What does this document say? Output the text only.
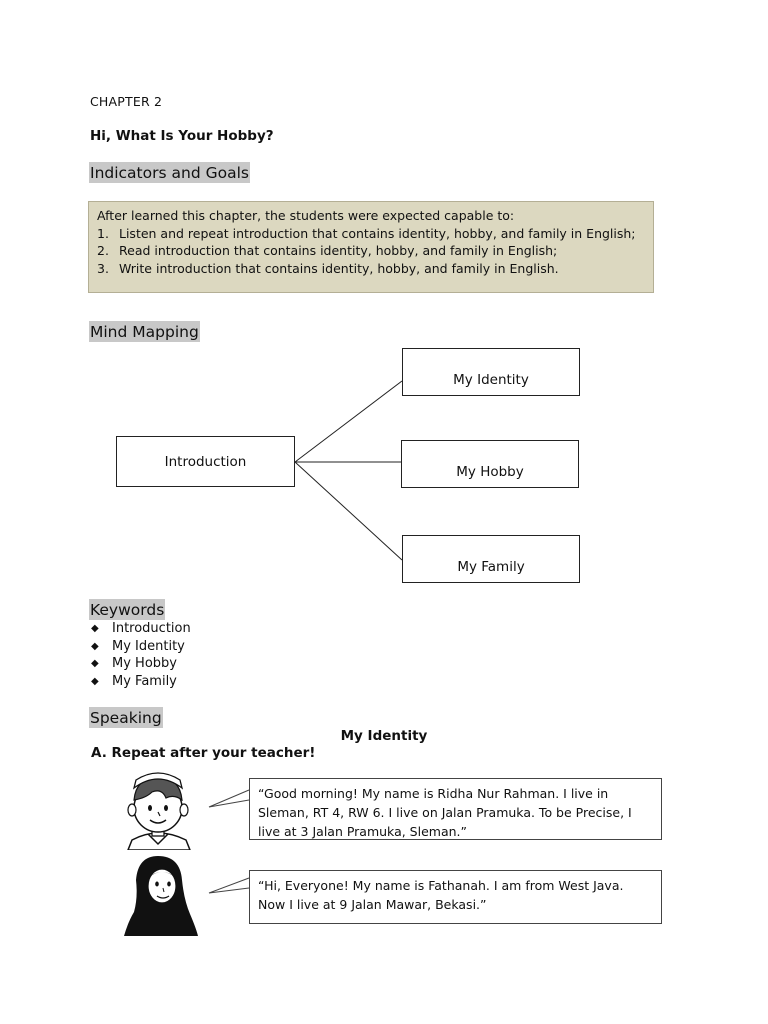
CHAPTER 2
Hi, What Is Your Hobby?
Indicators and Goals
After learned this chapter, the students were expected capable to:
1. Listen and repeat introduction that contains identity, hobby, and family in English;
2. Read introduction that contains identity, hobby, and family in English;
3. Write introduction that contains identity, hobby, and family in English.
Mind Mapping
Introduction
My Identity
My Hobby
My Family
Keywords
◆ Introduction
◆ My Identity
◆ My Hobby
◆ My Family
Speaking
My Identity
A. Repeat after your teacher!
“Good morning! My name is Ridha Nur Rahman. I live in Sleman, RT 4, RW 6. I live on Jalan Pramuka. To be Precise, I live at 3 Jalan Pramuka, Sleman.”
“Hi, Everyone! My name is Fathanah. I am from West Java. Now I live at 9 Jalan Mawar, Bekasi.”
